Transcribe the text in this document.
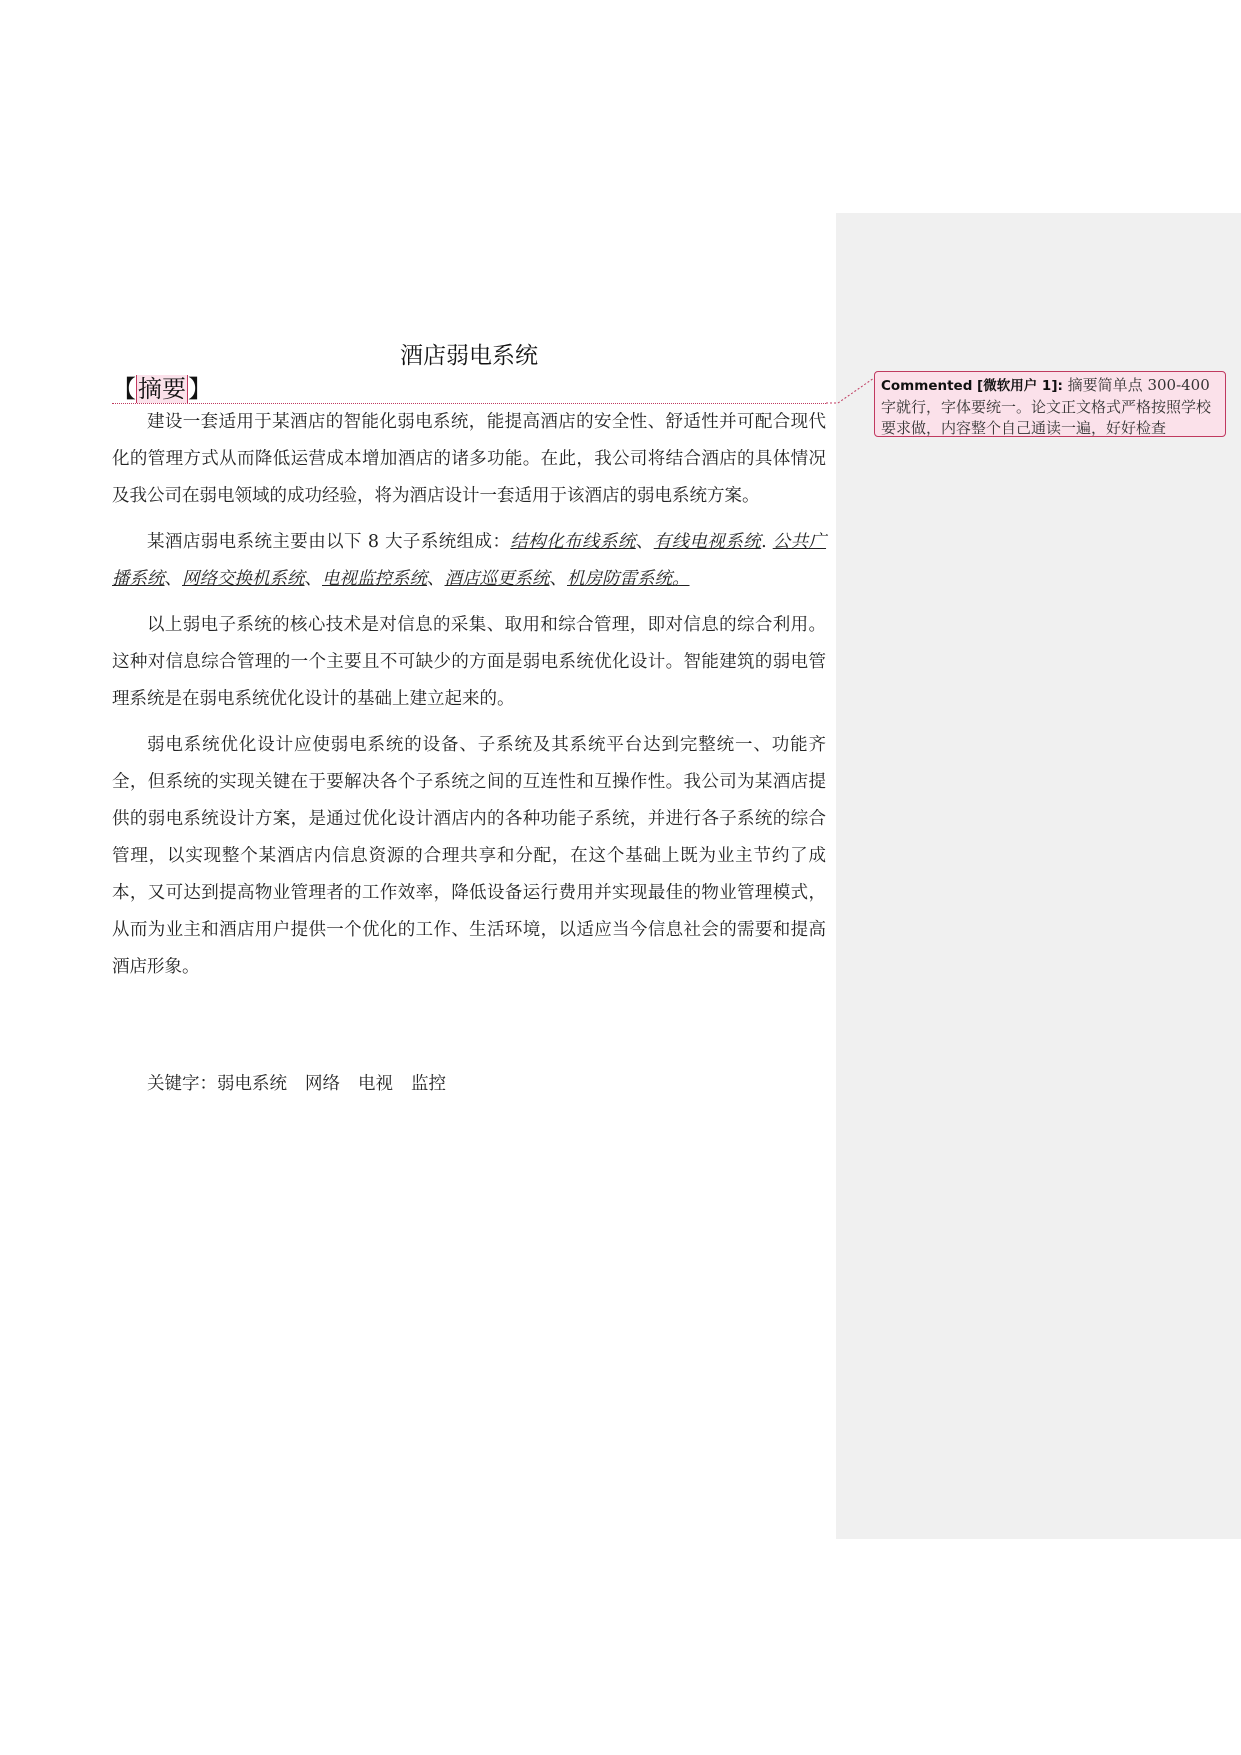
酒店弱电系统
【摘要】

建设一套适用于某酒店的智能化弱电系统，能提高酒店的安全性、舒适性并可配合现代化的管理方式从而降低运营成本增加酒店的诸多功能。在此，我公司将结合酒店的具体情况及我公司在弱电领域的成功经验，将为酒店设计一套适用于该酒店的弱电系统方案。

某酒店弱电系统主要由以下 8 大子系统组成：结构化布线系统、有线电视系统. 公共广播系统、网络交换机系统、电视监控系统、酒店巡更系统、机房防雷系统。

以上弱电子系统的核心技术是对信息的采集、取用和综合管理，即对信息的综合利用。这种对信息综合管理的一个主要且不可缺少的方面是弱电系统优化设计。智能建筑的弱电管理系统是在弱电系统优化设计的基础上建立起来的。

弱电系统优化设计应使弱电系统的设备、子系统及其系统平台达到完整统一、功能齐全，但系统的实现关键在于要解决各个子系统之间的互连性和互操作性。我公司为某酒店提供的弱电系统设计方案，是通过优化设计酒店内的各种功能子系统，并进行各子系统的综合管理，以实现整个某酒店内信息资源的合理共享和分配，在这个基础上既为业主节约了成本，又可达到提高物业管理者的工作效率，降低设备运行费用并实现最佳的物业管理模式，从而为业主和酒店用户提供一个优化的工作、生活环境，以适应当今信息社会的需要和提高酒店形象。

关键字：弱电系统 网络 电视 监控
Commented [微软用户 1]: 摘要简单点 300-400 字就行，字体要统一。论文正文格式严格按照学校要求做，内容整个自己通读一遍，好好检查
